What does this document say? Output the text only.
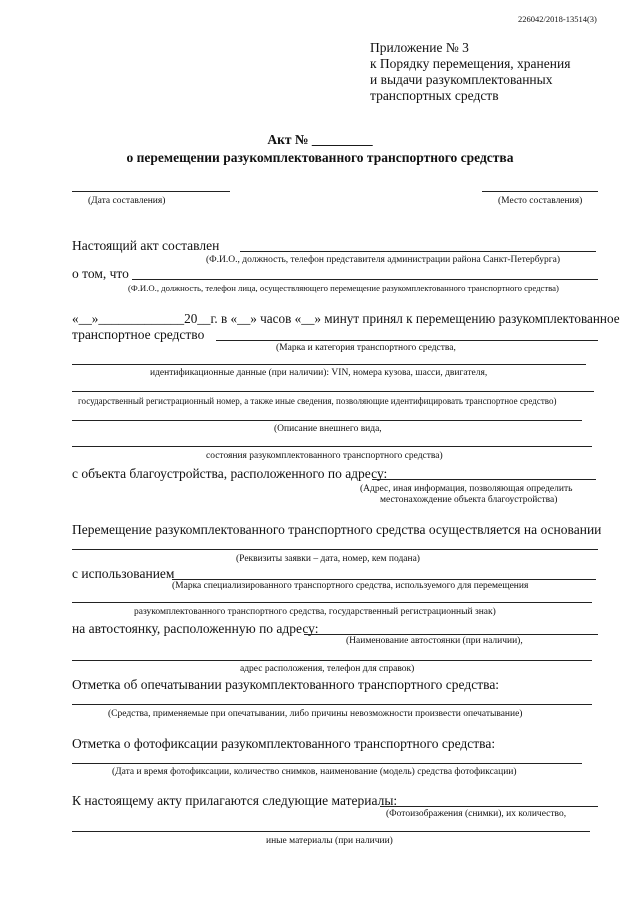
226042/2018-13514(3)
Приложение № 3
к Порядку перемещения, хранения
и выдачи разукомплектованных
транспортных средств
Акт № _________
о перемещении разукомплектованного транспортного средства
(Дата составления)	(Место составления)
Настоящий акт составлен
(Ф.И.О., должность, телефон представителя администрации района Санкт-Петербурга)
о том, что
(Ф.И.О., должность, телефон лица, осуществляющего перемещение разукомплектованного транспортного средства)
«__»_____________20__г. в «__» часов «__» минут принял к перемещению разукомплектованное
транспортное средство
(Марка и категория транспортного средства,
идентификационные данные (при наличии): VIN, номера кузова, шасси, двигателя,
государственный регистрационный номер, а также иные сведения, позволяющие идентифицировать транспортное средство)
(Описание внешнего вида,
состояния разукомплектованного транспортного средства)
с объекта благоустройства, расположенного по адресу:
(Адрес, иная информация, позволяющая определить
местонахождение объекта благоустройства)
Перемещение разукомплектованного транспортного средства осуществляется на основании
(Реквизиты заявки – дата, номер, кем подана)
с использованием
(Марка специализированного транспортного средства, используемого для перемещения
разукомплектованного транспортного средства, государственный регистрационный знак)
на автостоянку, расположенную по адресу:
(Наименование автостоянки (при наличии),
адрес расположения, телефон для справок)
Отметка об опечатывании разукомплектованного транспортного средства:
(Средства, применяемые при опечатывании, либо причины невозможности произвести опечатывание)
Отметка о фотофиксации разукомплектованного транспортного средства:
(Дата и время фотофиксации, количество снимков, наименование (модель) средства фотофиксации)
К настоящему акту прилагаются следующие материалы:
(Фотоизображения (снимки), их количество,
иные материалы (при наличии)
